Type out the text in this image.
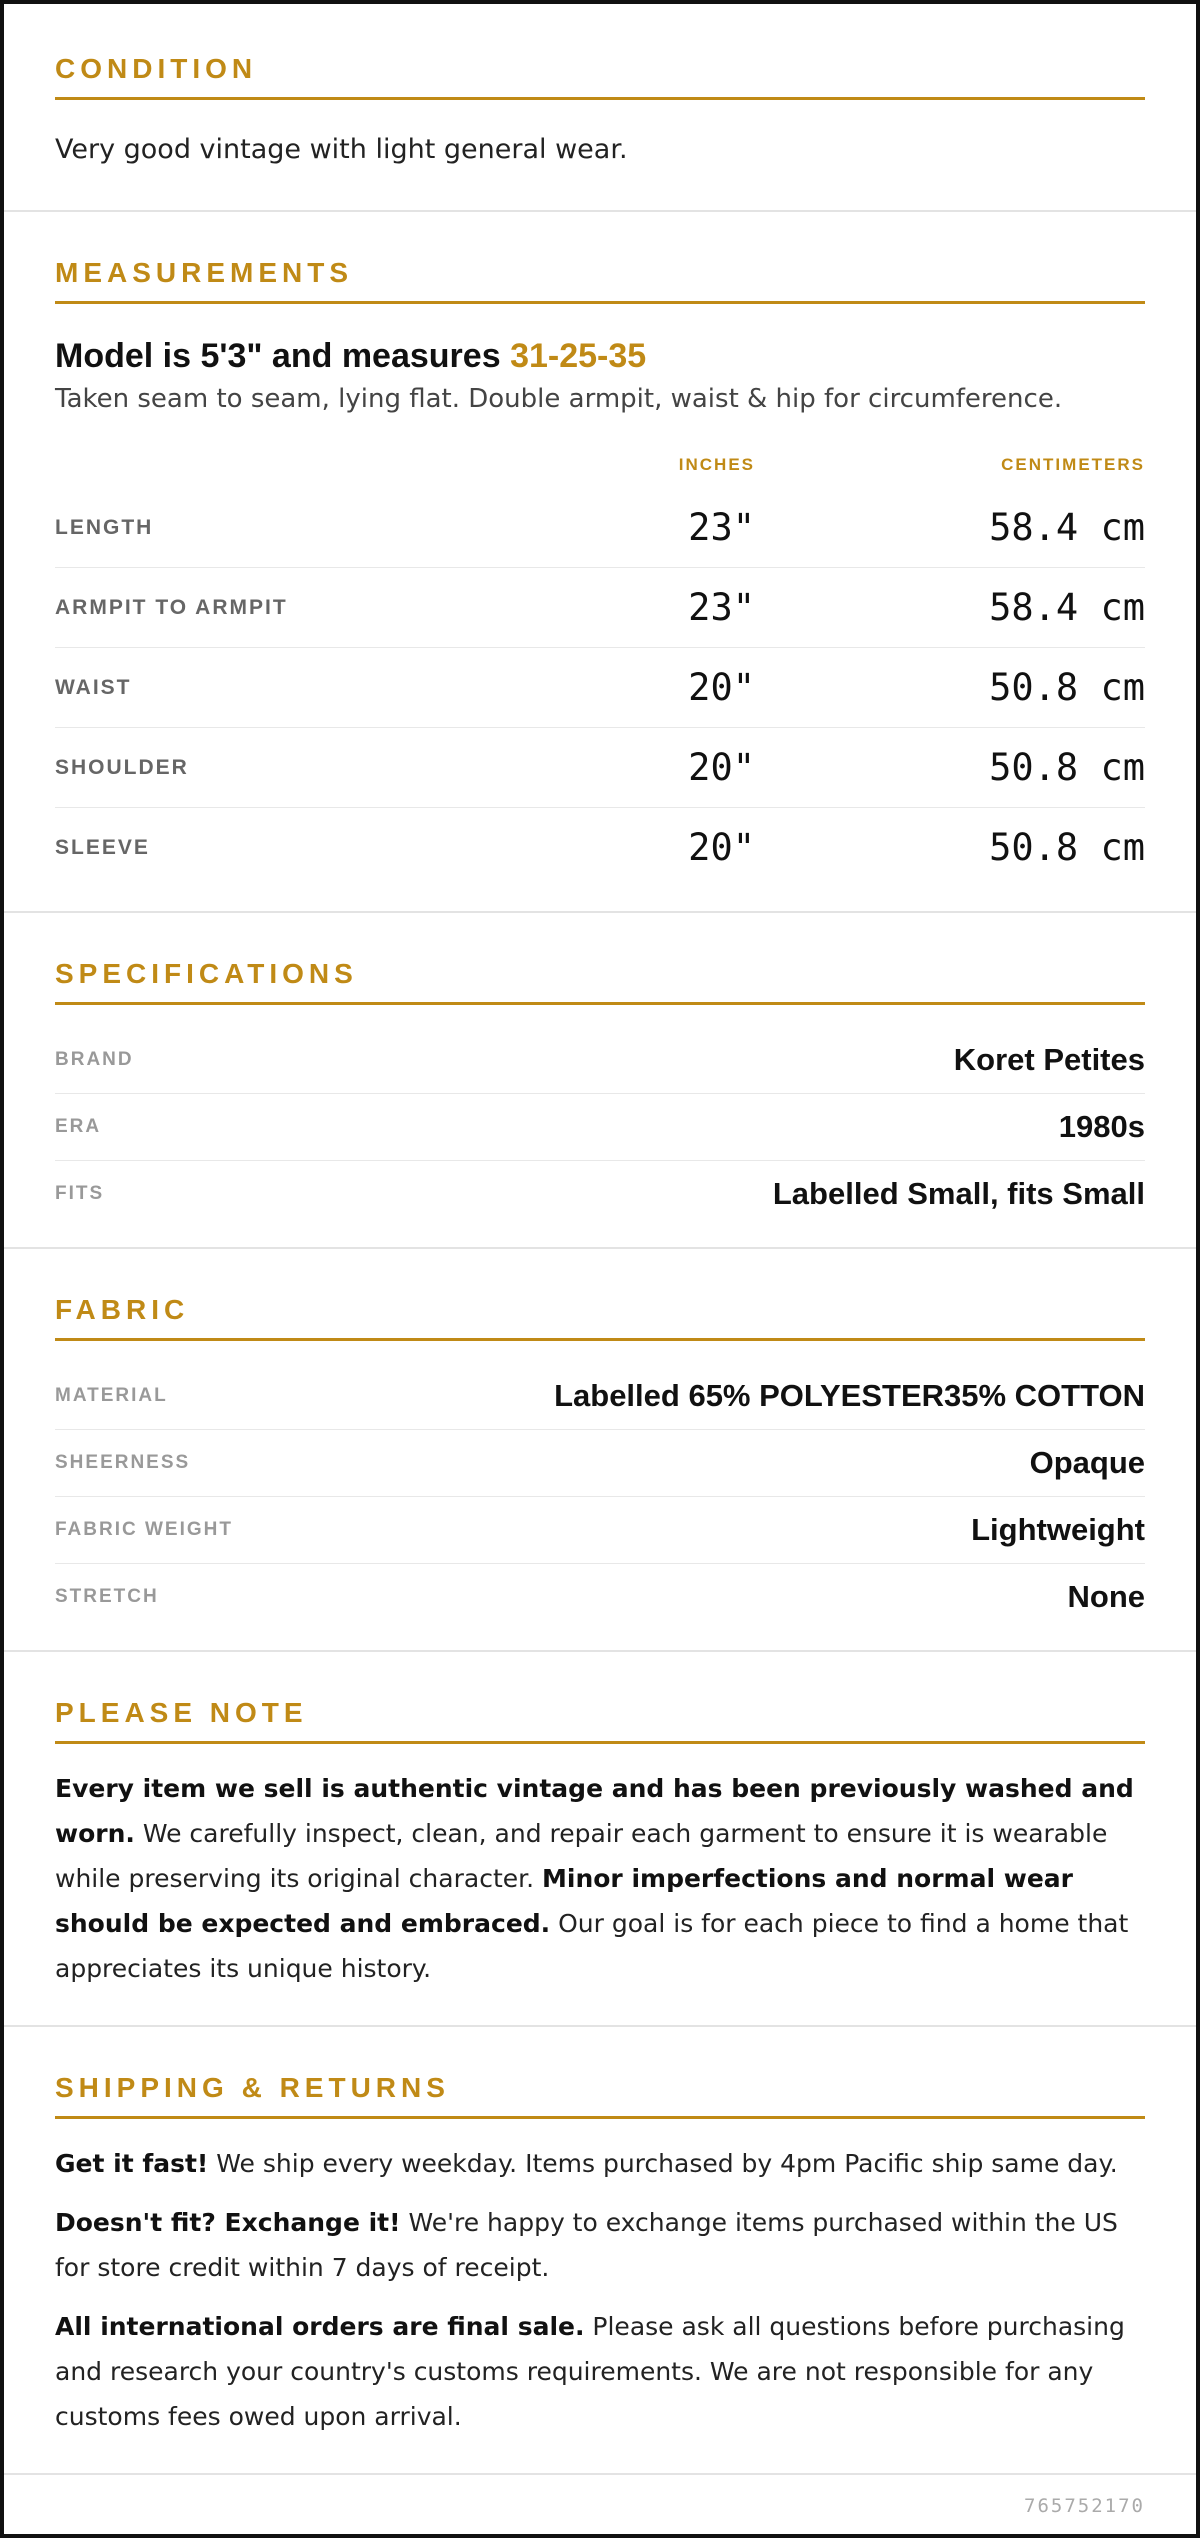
CONDITION

Very good vintage with light general wear.

MEASUREMENTS
Model is 5'3" and measures 31-25-35
Taken seam to seam, lying flat. Double armpit, waist & hip for circumference.
INCHES	CENTIMETERS
LENGTH	23"	58.4 cm
ARMPIT TO ARMPIT	23"	58.4 cm
WAIST	20"	50.8 cm
SHOULDER	20"	50.8 cm
SLEEVE	20"	50.8 cm
SPECIFICATIONS
BRAND	Koret Petites
ERA	1980s
FITS	Labelled Small, fits Small
FABRIC
MATERIAL	Labelled 65% POLYESTER35% COTTON
SHEERNESS	Opaque
FABRIC WEIGHT	Lightweight
STRETCH	None
PLEASE NOTE
Every item we sell is authentic vintage and has been previously washed and worn. We carefully inspect, clean, and repair each garment to ensure it is wearable while preserving its original character. Minor imperfections and normal wear should be expected and embraced. Our goal is for each piece to find a home that appreciates its unique history.
SHIPPING & RETURNS

Get it fast! We ship every weekday. Items purchased by 4pm Pacific ship same day.

Doesn't fit? Exchange it! We're happy to exchange items purchased within the US for store credit within 7 days of receipt.

All international orders are final sale. Please ask all questions before purchasing and research your country's customs requirements. We are not responsible for any customs fees owed upon arrival.

765752170
